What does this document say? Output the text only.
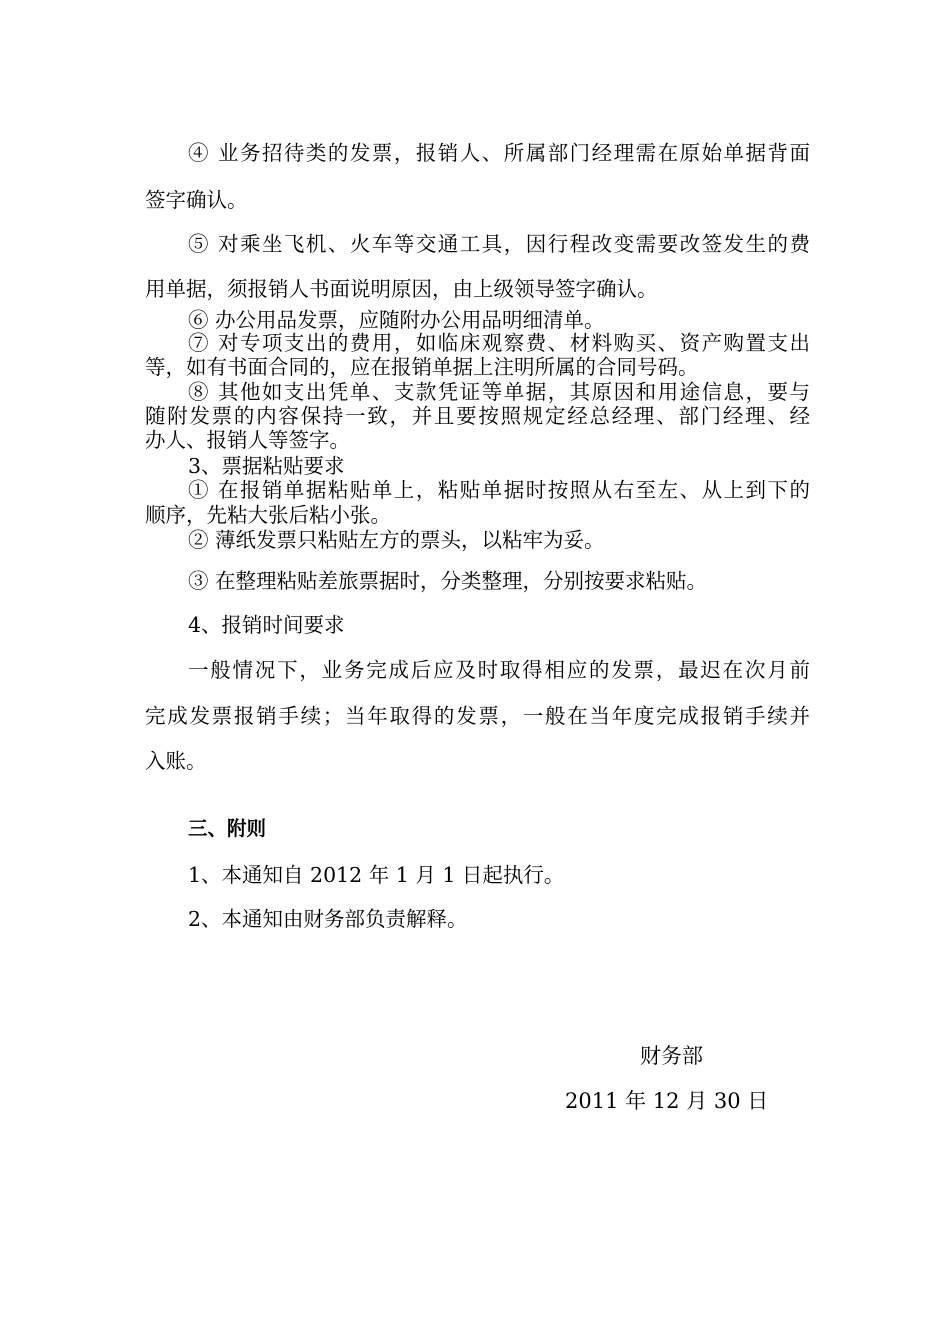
④ 业务招待类的发票，报销人、所属部门经理需在原始单据背面

签字确认。

⑤ 对乘坐飞机、火车等交通工具，因行程改变需要改签发生的费

用单据，须报销人书面说明原因，由上级领导签字确认。

⑥ 办公用品发票，应随附办公用品明细清单。

⑦ 对专项支出的费用，如临床观察费、材料购买、资产购置支出

等，如有书面合同的，应在报销单据上注明所属的合同号码。

⑧ 其他如支出凭单、支款凭证等单据，其原因和用途信息，要与

随附发票的内容保持一致，并且要按照规定经总经理、部门经理、经

办人、报销人等签字。

3、票据粘贴要求

① 在报销单据粘贴单上，粘贴单据时按照从右至左、从上到下的

顺序，先粘大张后粘小张。

② 薄纸发票只粘贴左方的票头，以粘牢为妥。

③ 在整理粘贴差旅票据时，分类整理，分别按要求粘贴。

4、报销时间要求

一般情况下，业务完成后应及时取得相应的发票，最迟在次月前

完成发票报销手续；当年取得的发票，一般在当年度完成报销手续并

入账。

三、附则

1、本通知自 2012 年 1 月 1 日起执行。

2、本通知由财务部负责解释。

财务部

2011 年 12 月 30 日
